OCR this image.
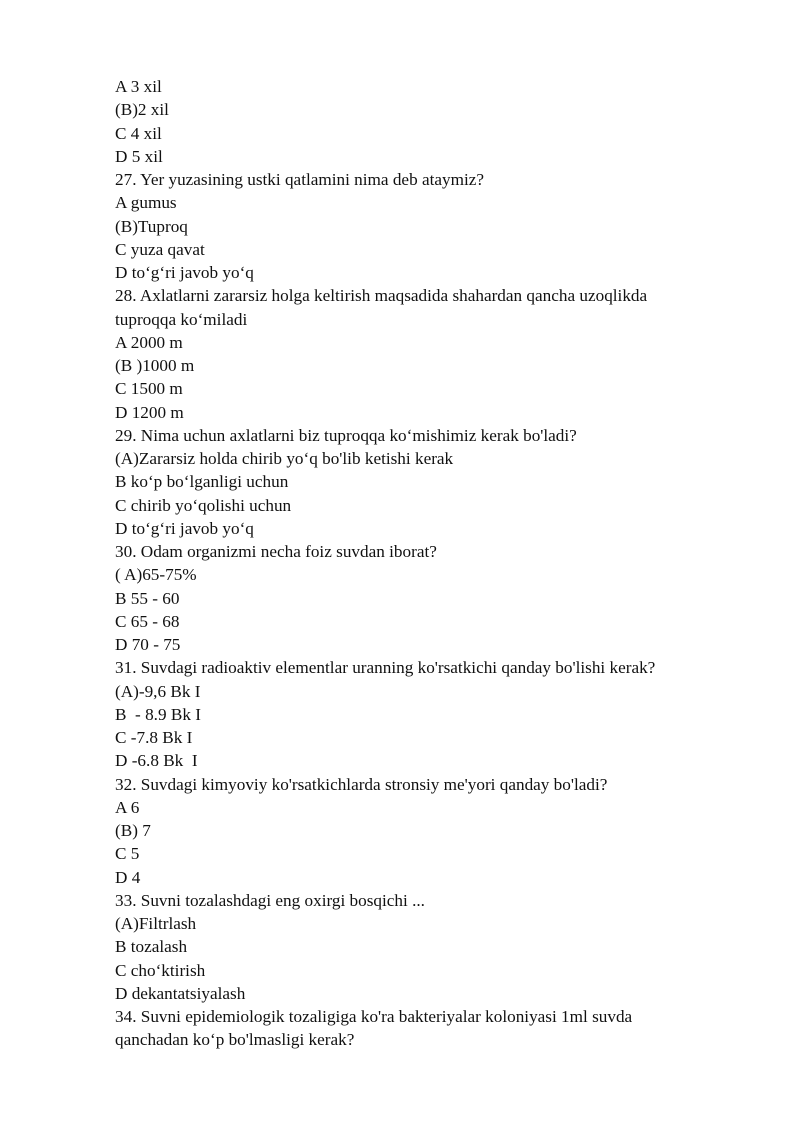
A 3 xil
(B)2 xil
C 4 xil
D 5 xil
27. Yer yuzasining ustki qatlamini nima deb ataymiz?
A gumus
(B)Tuproq
C yuza qavat
D to‘g‘ri javob yo‘q
28. Axlatlarni zararsiz holga keltirish maqsadida shahardan qancha uzoqlikda
tuproqqa ko‘miladi
A 2000 m
(B )1000 m
C 1500 m
D 1200 m
29. Nima uchun axlatlarni biz tuproqqa ko‘mishimiz kerak bo'ladi?
(A)Zararsiz holda chirib yo‘q bo'lib ketishi kerak
B ko‘p bo‘lganligi uchun
C chirib yo‘qolishi uchun
D to‘g‘ri javob yo‘q
30. Odam organizmi necha foiz suvdan iborat?
( A)65-75%
B 55 - 60
C 65 - 68
D 70 - 75
31. Suvdagi radioaktiv elementlar uranning ko'rsatkichi qanday bo'lishi kerak?
(A)-9,6 Bk I
B  - 8.9 Bk I
C -7.8 Bk I
D -6.8 Bk  I
32. Suvdagi kimyoviy ko'rsatkichlarda stronsiy me'yori qanday bo'ladi?
A 6
(B) 7
C 5
D 4
33. Suvni tozalashdagi eng oxirgi bosqichi ...
(A)Filtrlash
B tozalash
C cho‘ktirish
D dekantatsiyalash
34. Suvni epidemiologik tozaligiga ko'ra bakteriyalar koloniyasi 1ml suvda
qanchadan ko‘p bo'lmasligi kerak?
